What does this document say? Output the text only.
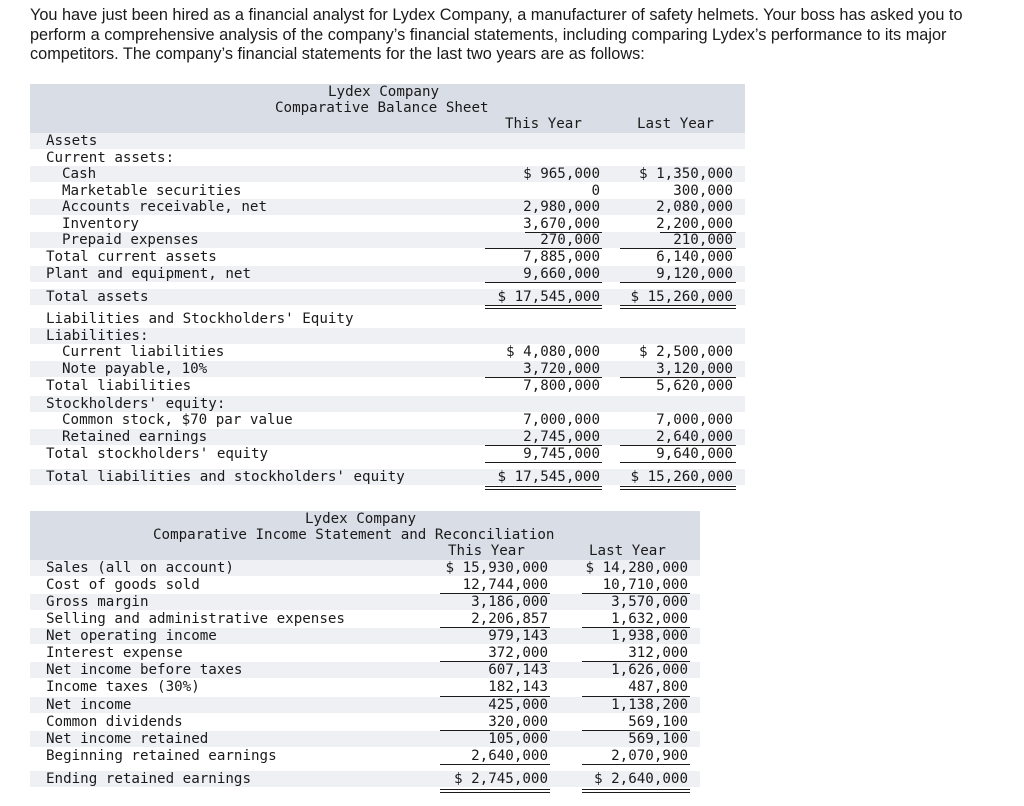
You have just been hired as a financial analyst for Lydex Company, a manufacturer of safety helmets. Your boss has asked you to perform a comprehensive analysis of the company’s financial statements, including comparing Lydex’s performance to its major competitors. The company’s financial statements for the last two years are as follows:

Lydex Company
Comparative Balance Sheet
This Year	Last Year
Assets
Current assets:
Cash	$ 965,000	$ 1,350,000
Marketable securities	0	300,000
Accounts receivable, net	2,980,000	2,080,000
Inventory	3,670,000	2,200,000
Prepaid expenses	270,000	210,000
Total current assets	7,885,000	6,140,000
Plant and equipment, net	9,660,000	9,120,000
Total assets	$ 17,545,000 $ 15,260,000
Liabilities and Stockholders' Equity
Liabilities:
Current liabilities	$ 4,080,000	$ 2,500,000
Note payable, 10%	3,720,000	3,120,000
Total liabilities	7,800,000	5,620,000
Stockholders' equity:
Common stock, $70 par value	7,000,000	7,000,000
Retained earnings	2,745,000	2,640,000
Total stockholders' equity	9,745,000	9,640,000
Total liabilities and stockholders' equity	$ 17,545,000 $ 15,260,000
Lydex Company
Comparative Income Statement and Reconciliation
This Year	Last Year
Sales (all on account)	$ 15,930,000	$ 14,280,000
Cost of goods sold	12,744,000	10,710,000
Gross margin	3,186,000	3,570,000
Selling and administrative expenses	2,206,857	1,632,000
Net operating income	979,143	1,938,000
Interest expense	372,000	312,000
Net income before taxes	607,143	1,626,000
Income taxes (30%)	182,143	487,800
Net income	425,000	1,138,200
Common dividends	320,000	569,100
Net income retained	105,000	569,100
Beginning retained earnings	2,640,000	2,070,900
Ending retained earnings	$ 2,745,000	$ 2,640,000
